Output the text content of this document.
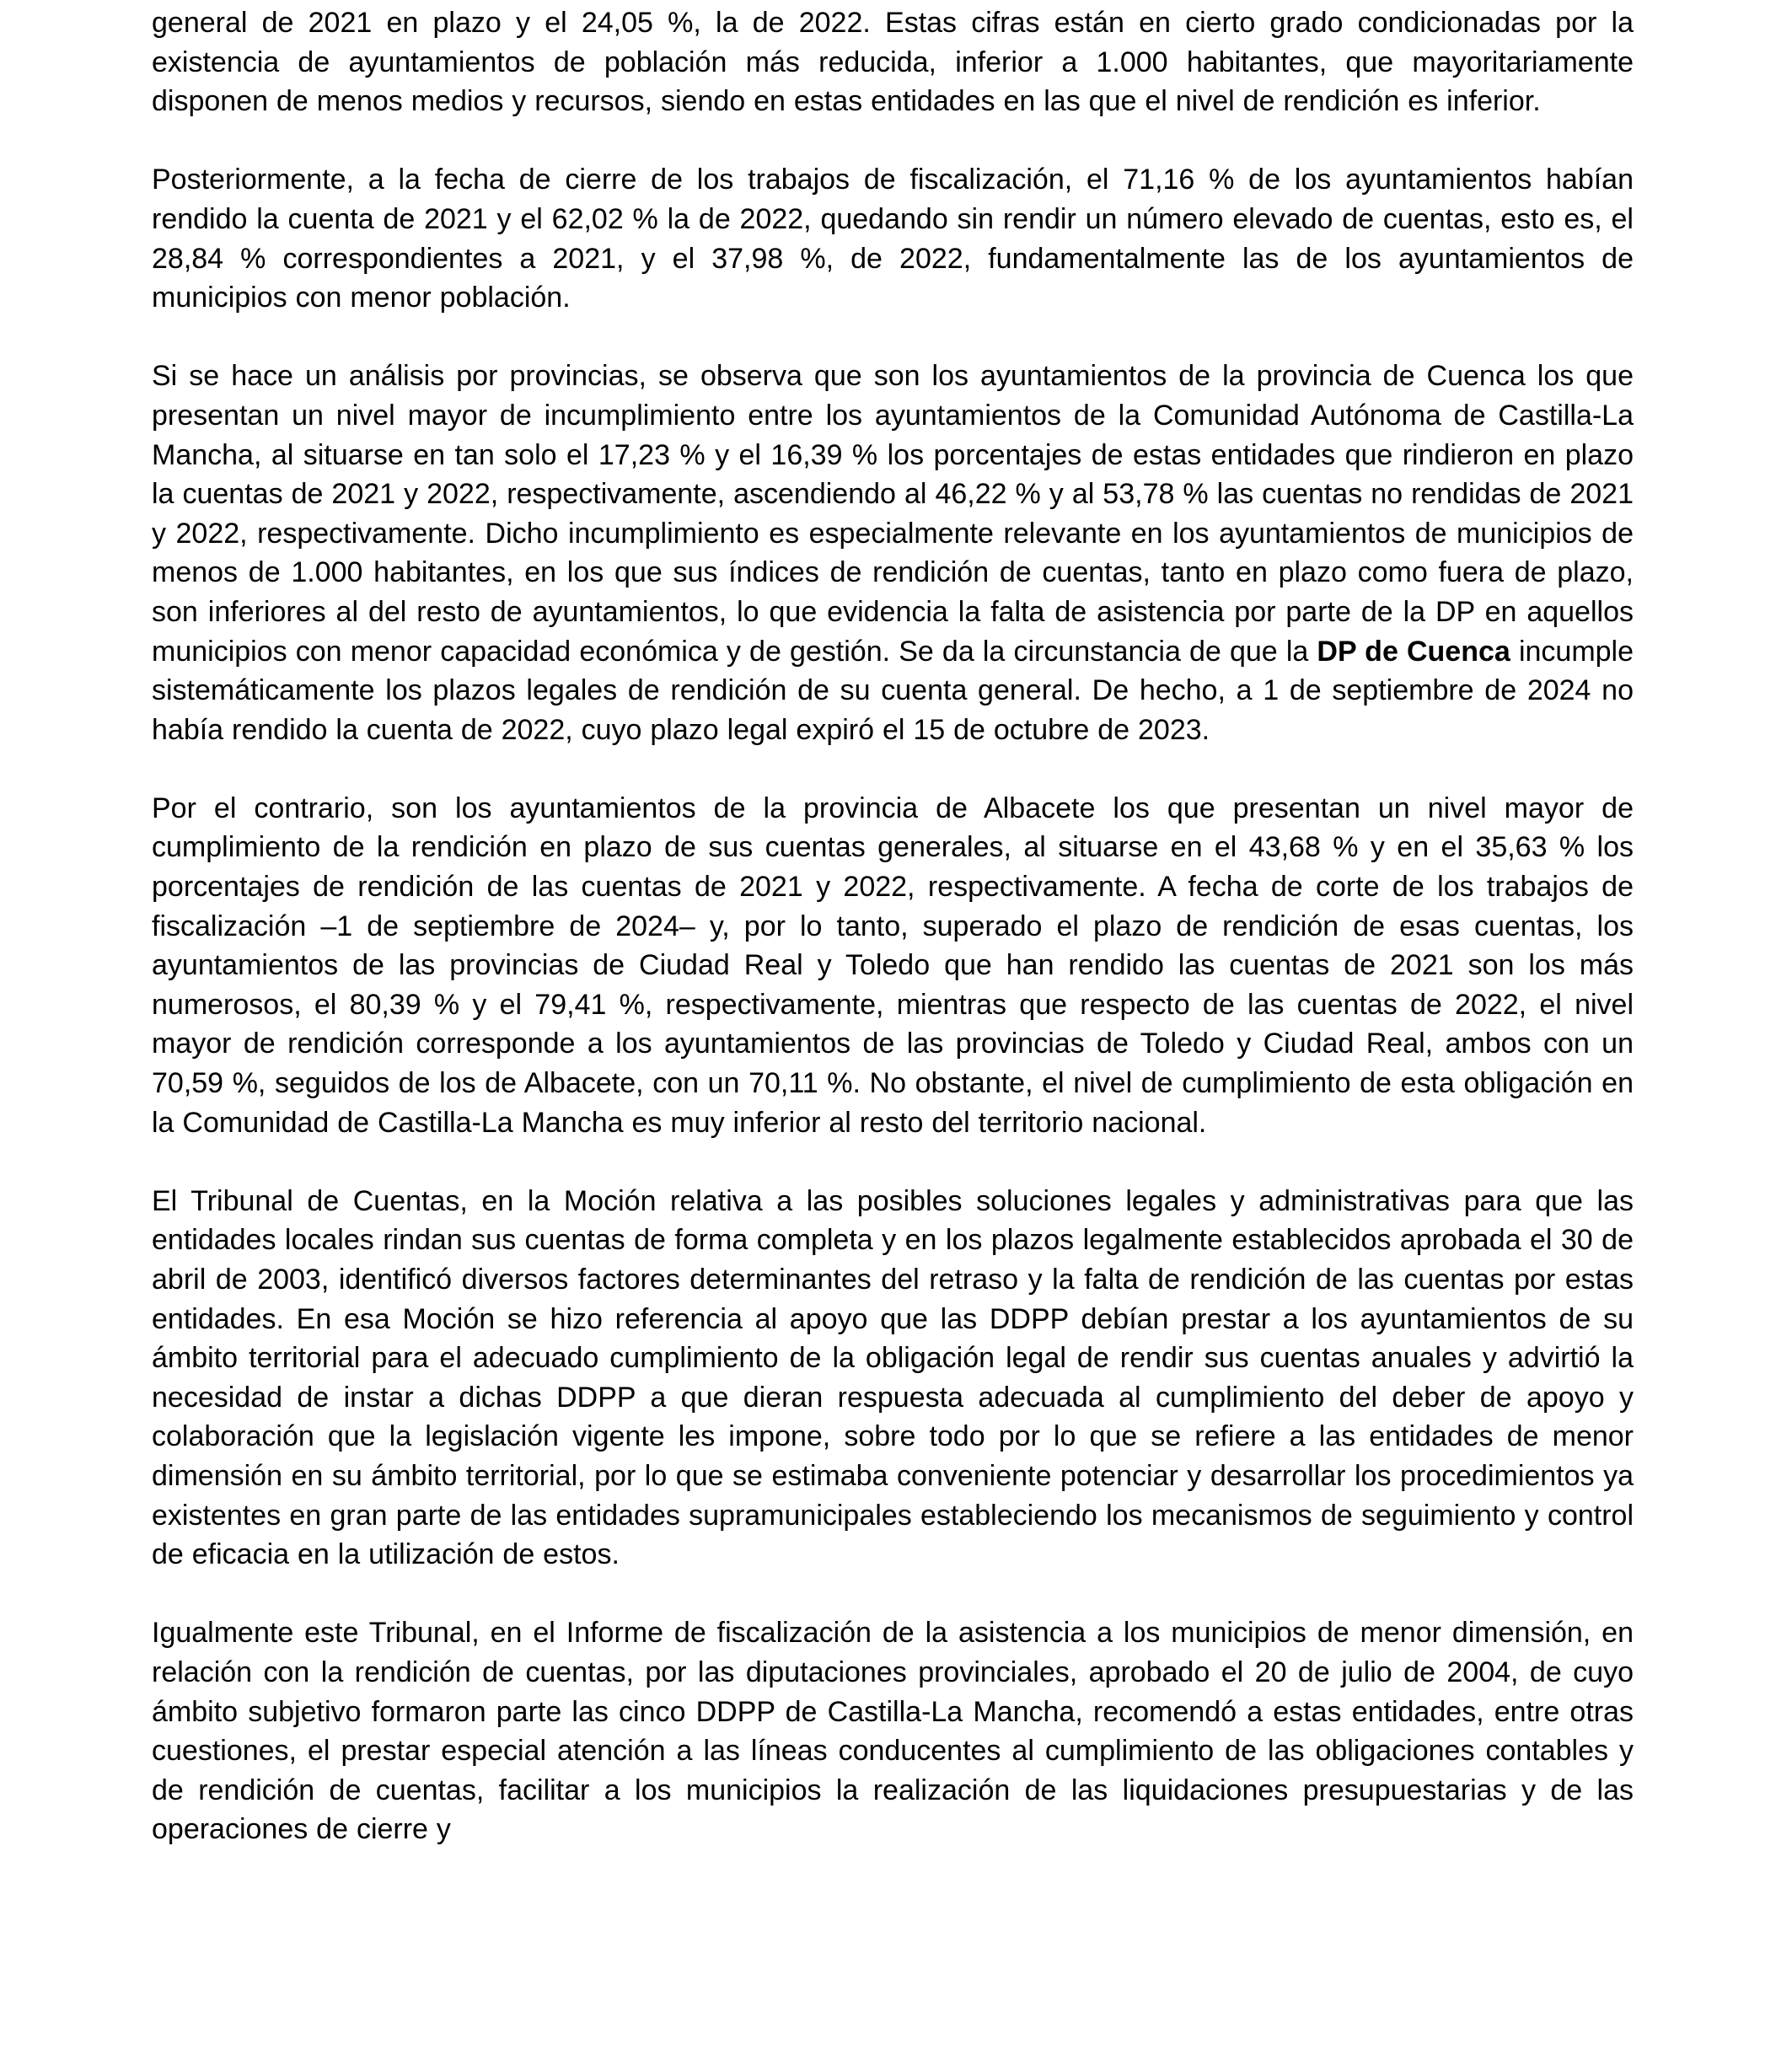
general de 2021 en plazo y el 24,05 %, la de 2022. Estas cifras están en cierto grado condicionadas por la existencia de ayuntamientos de población más reducida, inferior a 1.000 habitantes, que mayoritariamente disponen de menos medios y recursos, siendo en estas entidades en las que el nivel de rendición es inferior.

Posteriormente, a la fecha de cierre de los trabajos de fiscalización, el 71,16 % de los ayuntamientos habían rendido la cuenta de 2021 y el 62,02 % la de 2022, quedando sin rendir un número elevado de cuentas, esto es, el 28,84 % correspondientes a 2021, y el 37,98 %, de 2022, fundamentalmente las de los ayuntamientos de municipios con menor población.

Si se hace un análisis por provincias, se observa que son los ayuntamientos de la provincia de Cuenca los que presentan un nivel mayor de incumplimiento entre los ayuntamientos de la Comunidad Autónoma de Castilla-La Mancha, al situarse en tan solo el 17,23 % y el 16,39 % los porcentajes de estas entidades que rindieron en plazo la cuentas de 2021 y 2022, respectivamente, ascendiendo al 46,22 % y al 53,78 % las cuentas no rendidas de 2021 y 2022, respectivamente. Dicho incumplimiento es especialmente relevante en los ayuntamientos de municipios de menos de 1.000 habitantes, en los que sus índices de rendición de cuentas, tanto en plazo como fuera de plazo, son inferiores al del resto de ayuntamientos, lo que evidencia la falta de asistencia por parte de la DP en aquellos municipios con menor capacidad económica y de gestión. Se da la circunstancia de que la DP de Cuenca incumple sistemáticamente los plazos legales de rendición de su cuenta general. De hecho, a 1 de septiembre de 2024 no había rendido la cuenta de 2022, cuyo plazo legal expiró el 15 de octubre de 2023.

Por el contrario, son los ayuntamientos de la provincia de Albacete los que presentan un nivel mayor de cumplimiento de la rendición en plazo de sus cuentas generales, al situarse en el 43,68 % y en el 35,63 % los porcentajes de rendición de las cuentas de 2021 y 2022, respectivamente. A fecha de corte de los trabajos de fiscalización –1 de septiembre de 2024– y, por lo tanto, superado el plazo de rendición de esas cuentas, los ayuntamientos de las provincias de Ciudad Real y Toledo que han rendido las cuentas de 2021 son los más numerosos, el 80,39 % y el 79,41 %, respectivamente, mientras que respecto de las cuentas de 2022, el nivel mayor de rendición corresponde a los ayuntamientos de las provincias de Toledo y Ciudad Real, ambos con un 70,59 %, seguidos de los de Albacete, con un 70,11 %. No obstante, el nivel de cumplimiento de esta obligación en la Comunidad de Castilla-La Mancha es muy inferior al resto del territorio nacional.

El Tribunal de Cuentas, en la Moción relativa a las posibles soluciones legales y administrativas para que las entidades locales rindan sus cuentas de forma completa y en los plazos legalmente establecidos aprobada el 30 de abril de 2003, identificó diversos factores determinantes del retraso y la falta de rendición de las cuentas por estas entidades. En esa Moción se hizo referencia al apoyo que las DDPP debían prestar a los ayuntamientos de su ámbito territorial para el adecuado cumplimiento de la obligación legal de rendir sus cuentas anuales y advirtió la necesidad de instar a dichas DDPP a que dieran respuesta adecuada al cumplimiento del deber de apoyo y colaboración que la legislación vigente les impone, sobre todo por lo que se refiere a las entidades de menor dimensión en su ámbito territorial, por lo que se estimaba conveniente potenciar y desarrollar los procedimientos ya existentes en gran parte de las entidades supramunicipales estableciendo los mecanismos de seguimiento y control de eficacia en la utilización de estos.

Igualmente este Tribunal, en el Informe de fiscalización de la asistencia a los municipios de menor dimensión, en relación con la rendición de cuentas, por las diputaciones provinciales, aprobado el 20 de julio de 2004, de cuyo ámbito subjetivo formaron parte las cinco DDPP de Castilla-La Mancha, recomendó a estas entidades, entre otras cuestiones, el prestar especial atención a las líneas conducentes al cumplimiento de las obligaciones contables y de rendición de cuentas, facilitar a los municipios la realización de las liquidaciones presupuestarias y de las operaciones de cierre y
